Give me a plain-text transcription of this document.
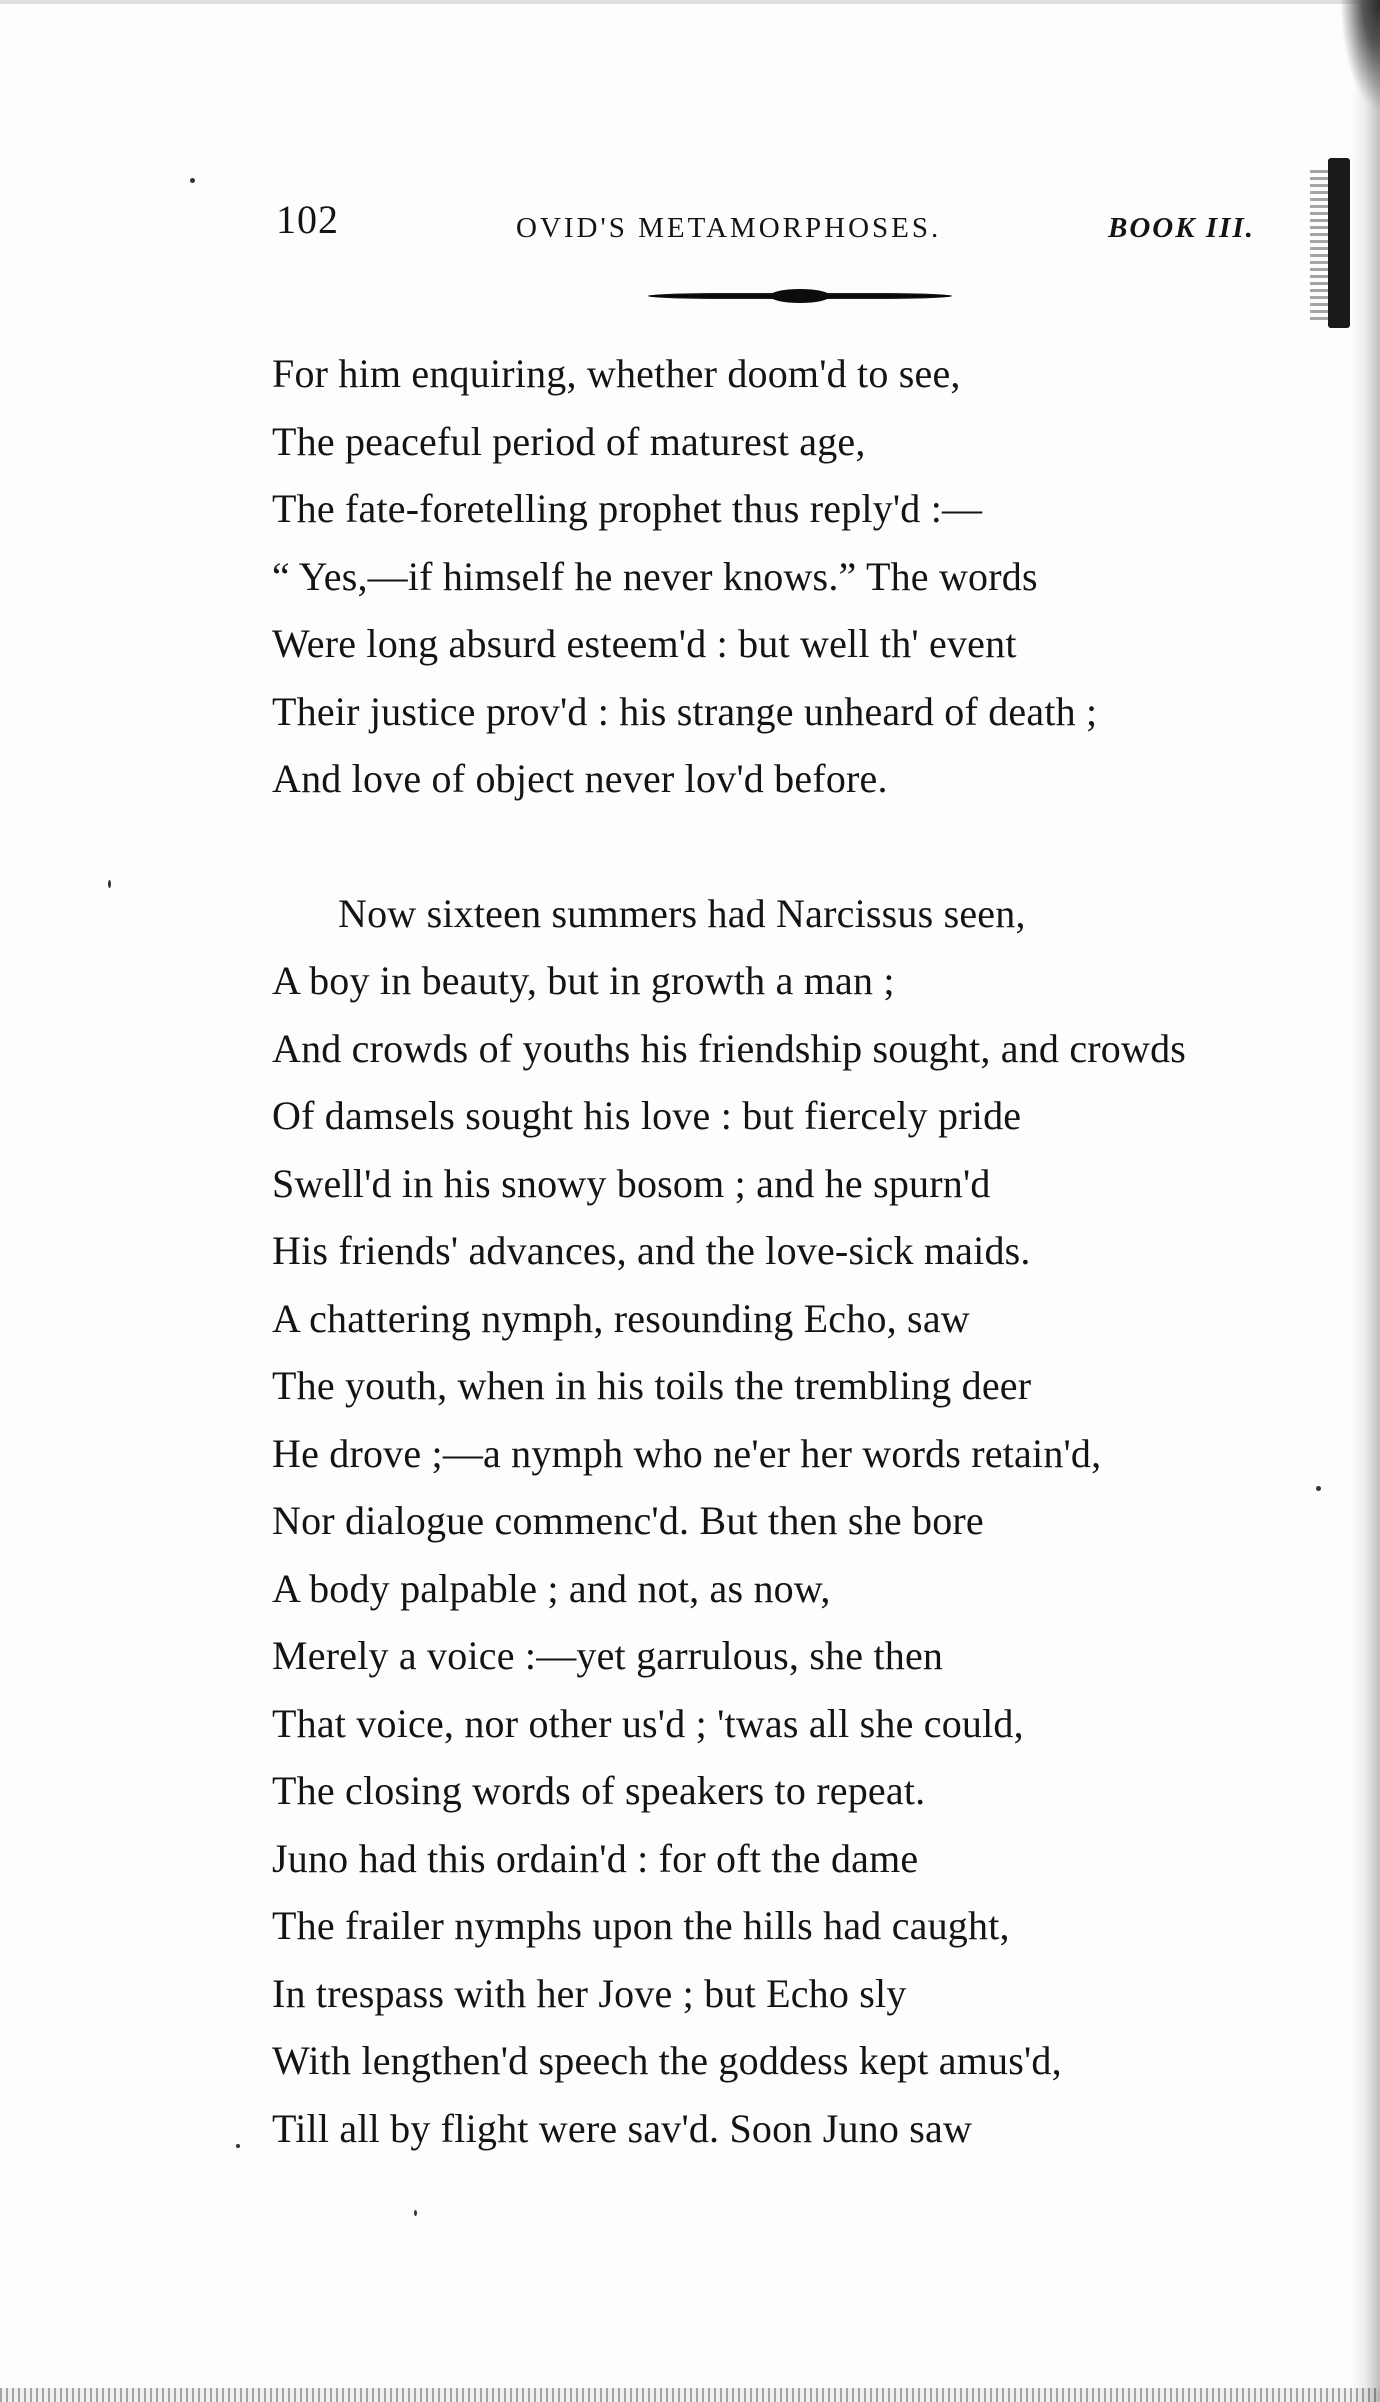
102	OVID'S METAMORPHOSES.	BOOK III.
For him enquiring, whether doom'd to see,
The peaceful period of maturest age,
The fate-foretelling prophet thus reply'd :—
“ Yes,—if himself he never knows.” The words
Were long absurd esteem'd : but well th' event
Their justice prov'd : his strange unheard of death ;
And love of object never lov'd before.
Now sixteen summers had Narcissus seen,
A boy in beauty, but in growth a man ;
And crowds of youths his friendship sought, and crowds
Of damsels sought his love : but fiercely pride
Swell'd in his snowy bosom ; and he spurn'd
His friends' advances, and the love-sick maids.
A chattering nymph, resounding Echo, saw
The youth, when in his toils the trembling deer
He drove ;—a nymph who ne'er her words retain'd,
Nor dialogue commenc'd. But then she bore
A body palpable ; and not, as now,
Merely a voice :—yet garrulous, she then
That voice, nor other us'd ; 'twas all she could,
The closing words of speakers to repeat.
Juno had this ordain'd : for oft the dame
The frailer nymphs upon the hills had caught,
In trespass with her Jove ; but Echo sly
With lengthen'd speech the goddess kept amus'd,
Till all by flight were sav'd. Soon Juno saw
